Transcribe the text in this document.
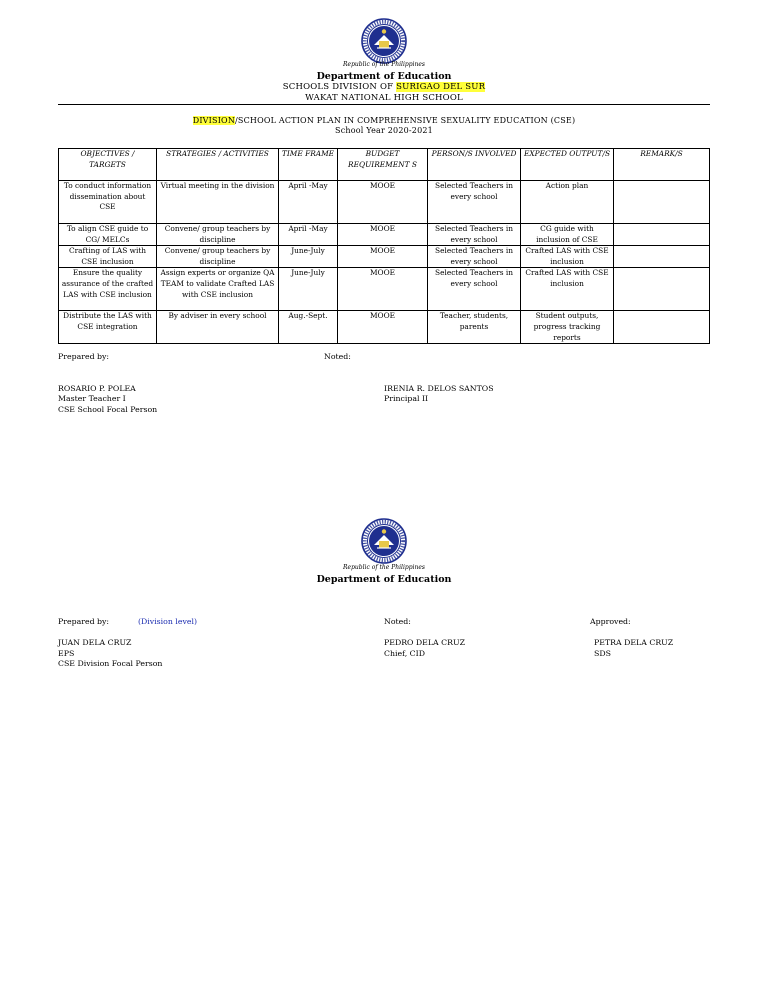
Republic of the Philippines
Department of Education
SCHOOLS DIVISION OF SURIGAO DEL SUR
WAKAT NATIONAL HIGH SCHOOL
DIVISION/SCHOOL ACTION PLAN IN COMPREHENSIVE SEXUALITY EDUCATION (CSE)
School Year 2020-2021
OBJECTIVES / TARGETS	STRATEGIES / ACTIVITIES	TIME FRAME	BUDGET REQUIREMENT S	PERSON/S INVOLVED	EXPECTED OUTPUT/S	REMARK/S
To conduct information dissemination about CSE	Virtual meeting in the division	April -May	MOOE	Selected Teachers in every school	Action plan	
To align CSE guide to CG/ MELCs	Convene/ group teachers by discipline	April -May	MOOE	Selected Teachers in every school	CG guide with inclusion of CSE	
Crafting of LAS with CSE inclusion	Convene/ group teachers by discipline	June-July	MOOE	Selected Teachers in every school	Crafted LAS with CSE inclusion	
Ensure the quality assurance of the crafted LAS with CSE inclusion	Assign experts or organize QA TEAM to validate Crafted LAS with CSE inclusion	June-July	MOOE	Selected Teachers in every school	Crafted LAS with CSE inclusion	
Distribute the LAS with CSE integration	By adviser in every school	Aug.-Sept.	MOOE	Teacher, students, parents	Student outputs, progress tracking reports	
Prepared by:	Noted:
ROSARIO P. POLEA
Master Teacher I
CSE School Focal Person
IRENIA R. DELOS SANTOS
Principal II
Republic of the Philippines
Department of Education
Prepared by:	(Division level)	Noted:	Approved:
JUAN DELA CRUZ
EPS
CSE Division Focal Person
PEDRO DELA CRUZ
Chief, CID
PETRA DELA CRUZ
SDS
